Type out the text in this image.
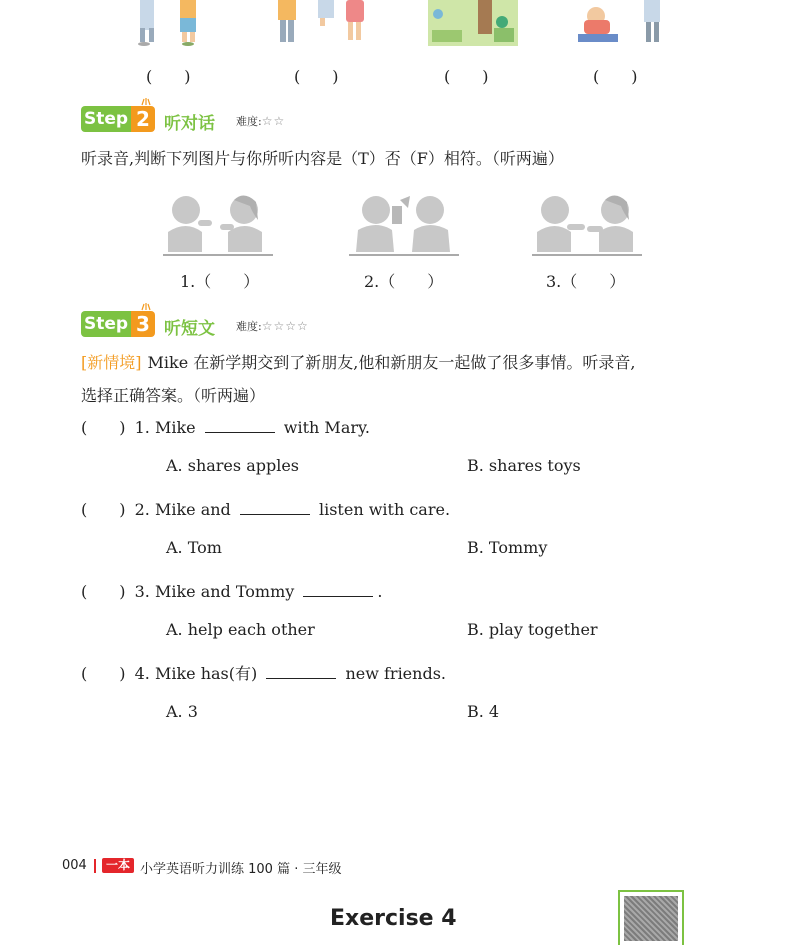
(　　)	(　　)	(　　)	(　　)
Step 2 听对话 难度:☆☆
听录音,判断下列图片与你所听内容是（T）否（F）相符。（听两遍）
1.（　　）	2.（　　）	3.（　　）
Step 3 听短文 难度:☆☆☆☆
[新情境] Mike 在新学期交到了新朋友,他和新朋友一起做了很多事情。听录音,
选择正确答案。（听两遍）
(　　) 1. Mike	with Mary.
A. shares apples	B. shares toys
(　　) 2. Mike and	listen with care.
A. Tom	B. Tommy
(　　) 3. Mike and Tommy	.
A. help each other	B. play together
(　　) 4. Mike has(有)	new friends.
A. 3	B. 4
004	一本 小学英语听力训练 100 篇 · 三年级
Exercise 4
